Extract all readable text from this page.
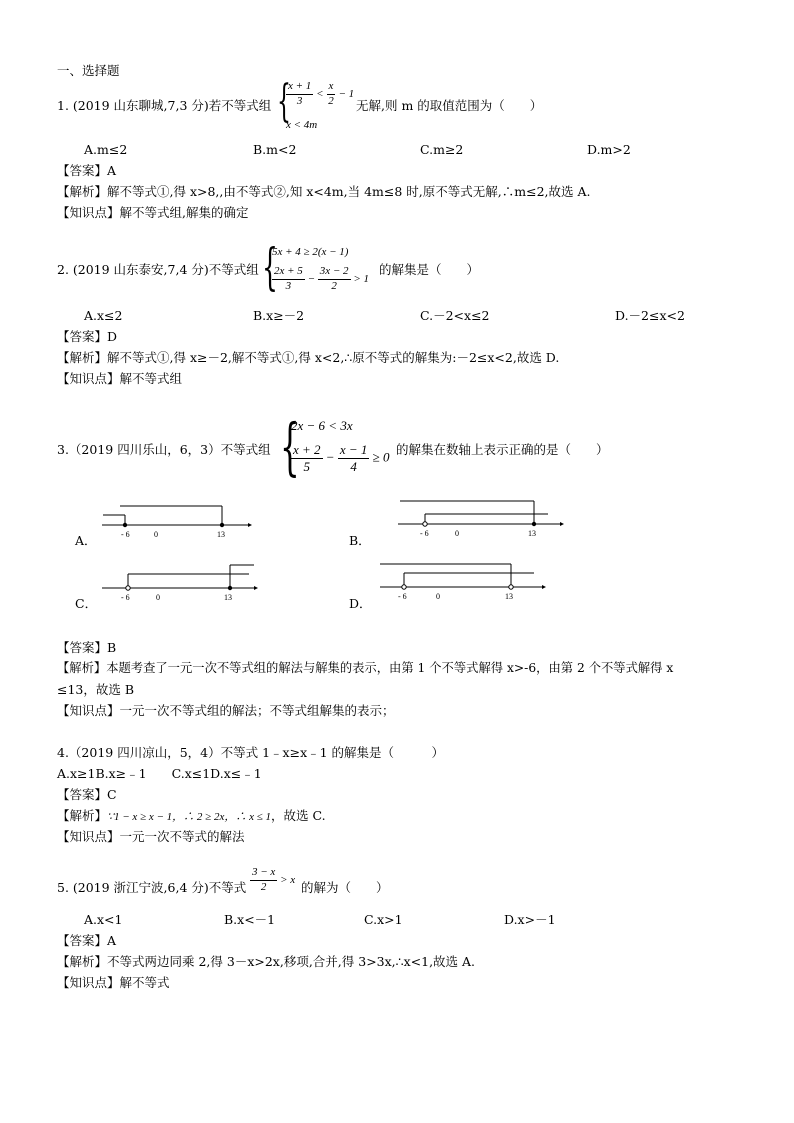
一、选择题
1. (2019 山东聊城,7,3 分)若不等式组 {
$\frac{x + 1}{3} < \frac{x}{2} - 1$
x < 4m
无解,则 m 的取值范围为（　　）
A.m≤2	B.m<2	C.m≥2	D.m>2
【答案】A
【解析】解不等式①,得 x>8,,由不等式②,知 x<4m,当 4m≤8 时,原不等式无解,∴m≤2,故选 A.
【知识点】解不等式组,解集的确定
2. (2019 山东泰安,7,4 分)不等式组 {
5x + 4 ≥ 2(x − 1)
$\frac{2x + 5}{3} - \frac{3x - 2}{2} > 1$
的解集是（　　）
A.x≤2	B.x≥－2	C.－2<x≤2	D.－2≤x<2
【答案】D
【解析】解不等式①,得 x≥－2,解不等式①,得 x<2,∴原不等式的解集为:－2≤x<2,故选 D.
【知识点】解不等式组
3.（2019 四川乐山，6，3）不等式组 {
2x − 6 < 3x
$\frac{x + 2}{5} - \frac{x - 1}{4} \ge 0$
的解集在数轴上表示正确的是（　　）
A．	- 6	0	13	B．	- 6	0	13
C．	- 6	0	13	D．	- 6	0	13
【答案】B
【解析】本题考查了一元一次不等式组的解法与解集的表示，由第 1 个不等式解得 x>-6，由第 2 个不等式解得 x
≤13，故选 B
【知识点】一元一次不等式组的解法；不等式组解集的表示；
4.（2019 四川凉山，5，4）不等式 1﹣x≥x﹣1 的解集是（　　　）
A.x≥1B.x≥﹣1　　C.x≤1D.x≤﹣1
【答案】C
【解析】∵1 − x ≥ x − 1，∴ 2 ≥ 2x，∴ x ≤ 1，故选 C.
【知识点】一元一次不等式的解法
5. (2019 浙江宁波,6,4 分)不等式 $\frac{3 - x}{2} > x$
的解为（　　）
A.x<1	B.x<－1	C.x>1	D.x>－1
【答案】A
【解析】不等式两边同乘 2,得 3－x>2x,移项,合并,得 3>3x,∴x<1,故选 A.
【知识点】解不等式
